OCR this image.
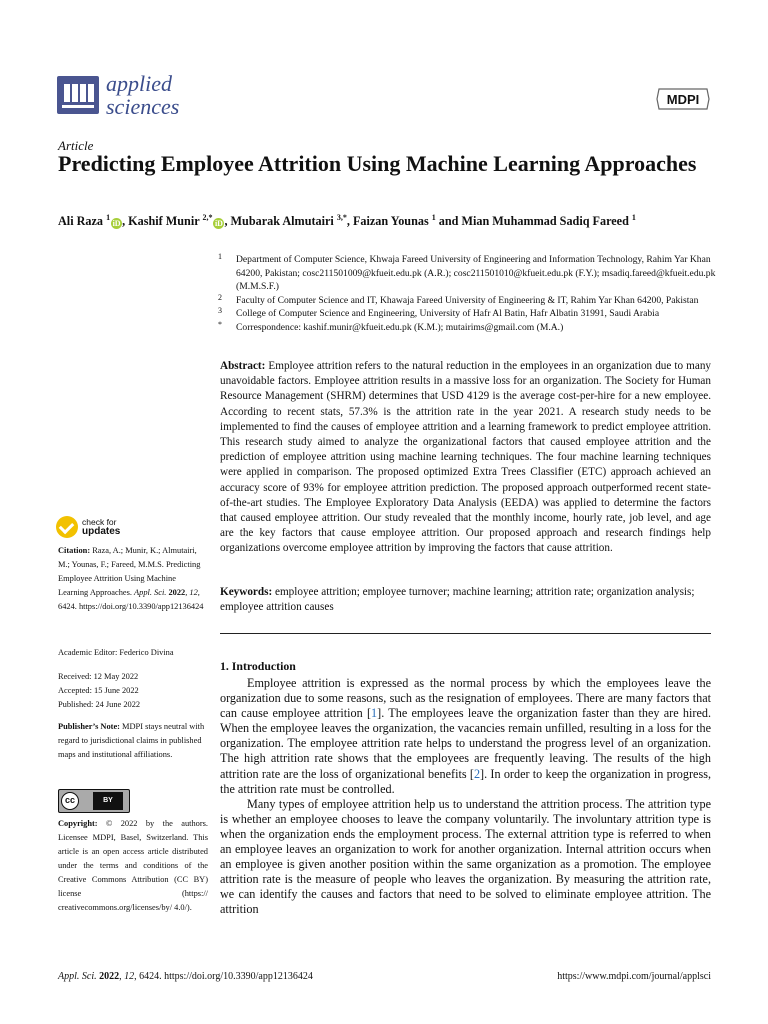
applied
sciences	MDPI
Article
Predicting Employee Attrition Using Machine Learning Approaches
Ali Raza $^1$iD , Kashif Munir $^{2,*}$iD , Mubarak Almutairi $^{3,*}$, Faizan Younas $^1$ and Mian Muhammad Sadiq Fareed $^1$
1 Department of Computer Science, Khwaja Fareed University of Engineering and Information Technology, Rahim Yar Khan 64200, Pakistan; cosc211501009@kfueit.edu.pk (A.R.); cosc211501010@kfueit.edu.pk (F.Y.); msadiq.fareed@kfueit.edu.pk (M.M.S.F.)
2 Faculty of Computer Science and IT, Khawaja Fareed University of Engineering & IT, Rahim Yar Khan 64200, Pakistan
3 College of Computer Science and Engineering, University of Hafr Al Batin, Hafr Albatin 31991, Saudi Arabia
* Correspondence: kashif.munir@kfueit.edu.pk (K.M.); mutairims@gmail.com (M.A.)
Abstract: Employee attrition refers to the natural reduction in the employees in an organization due to many unavoidable factors. Employee attrition results in a massive loss for an organization. The Society for Human Resource Management (SHRM) determines that USD 4129 is the average cost-per-hire for a new employee. According to recent stats, 57.3% is the attrition rate in the year 2021. A research study needs to be implemented to find the causes of employee attrition and a learning framework to predict employee attrition. This research study aimed to analyze the organizational factors that caused employee attrition and the prediction of employee attrition using machine learning techniques. The four machine learning techniques were applied in comparison. The proposed optimized Extra Trees Classifier (ETC) approach achieved an accuracy score of 93% for employee attrition prediction. The proposed approach outperformed recent state-of-the-art studies. The Employee Exploratory Data Analysis (EEDA) was applied to determine the factors that caused employee attrition. Our study revealed that the monthly income, hourly rate, job level, and age are the key factors that cause employee attrition. Our proposed approach and research findings help organizations overcome employee attrition by improving the factors that cause attrition.
Keywords: employee attrition; employee turnover; machine learning; attrition rate; organization analysis; employee attrition causes
1. Introduction

Employee attrition is expressed as the normal process by which the employees leave the organization due to some reasons, such as the resignation of employees. There are many factors that can cause employee attrition [1]. The employees leave the organization faster than they are hired. When the employee leaves the organization, the vacancies remain unfilled, resulting in a loss for the organization. The employee attrition rate helps to understand the progress level of an organization. The high attrition rate shows that the employees are frequently leaving. The results of the high attrition rate are the loss of organizational benefits [2]. In order to keep the organization in progress, the attrition rate must be controlled.

Many types of employee attrition help us to understand the attrition process. The attrition type is whether an employee chooses to leave the company voluntarily. The involuntary attrition type is when the organization ends the employment process. The external attrition type is referred to when an employee leaves an organization to work for another organization. Internal attrition occurs when an employee is given another position within the same organization as a promotion. The employee attrition rate is the measure of people who leaves the organization. By measuring the attrition rate, we can identify the causes and factors that need to be solved to eliminate employee attrition. The attrition

check for
updates
Citation: Raza, A.; Munir, K.; Almutairi, M.; Younas, F.; Fareed, M.M.S. Predicting Employee Attrition Using Machine Learning Approaches. Appl. Sci. 2022, 12, 6424. https://doi.org/10.3390/app12136424
Academic Editor: Federico Divina
Received: 12 May 2022
Accepted: 15 June 2022
Published: 24 June 2022
Publisher’s Note: MDPI stays neutral with regard to jurisdictional claims in published maps and institutional affiliations.
cc	BY
Copyright: © 2022 by the authors. Licensee MDPI, Basel, Switzerland. This article is an open access article distributed under the terms and conditions of the Creative Commons Attribution (CC BY) license (https:// creativecommons.org/licenses/by/ 4.0/).
Appl. Sci. 2022, 12, 6424. https://doi.org/10.3390/app12136424	https://www.mdpi.com/journal/applsci
